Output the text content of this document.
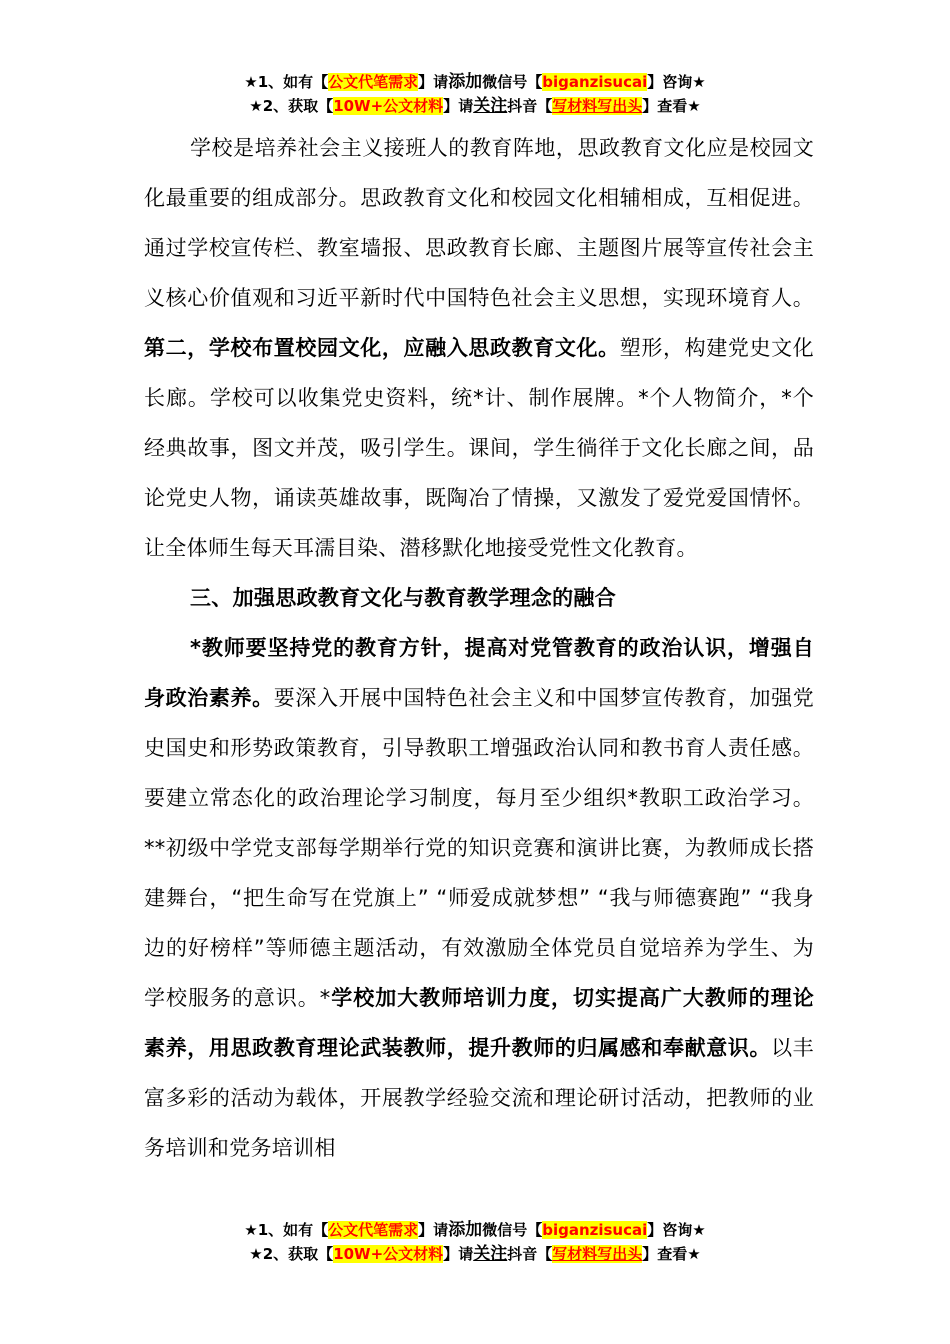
★1、如有【公文代笔需求】请添加微信号【biganzisucai】咨询★
★2、获取【10W+公文材料】请关注抖音【写材料写出头】查看★

学校是培养社会主义接班人的教育阵地，思政教育文化应是校园文化最重要的组成部分。思政教育文化和校园文化相辅相成，互相促进。通过学校宣传栏、教室墙报、思政教育长廊、主题图片展等宣传社会主义核心价值观和习近平新时代中国特色社会主义思想，实现环境育人。第二，学校布置校园文化，应融入思政教育文化。塑形，构建党史文化长廊。学校可以收集党史资料，统*计、制作展牌。*个人物简介，*个经典故事，图文并茂，吸引学生。课间，学生徜徉于文化长廊之间，品论党史人物，诵读英雄故事，既陶冶了情操，又激发了爱党爱国情怀。让全体师生每天耳濡目染、潜移默化地接受党性文化教育。

三、加强思政教育文化与教育教学理念的融合

*教师要坚持党的教育方针，提高对党管教育的政治认识，增强自身政治素养。要深入开展中国特色社会主义和中国梦宣传教育，加强党史国史和形势政策教育，引导教职工增强政治认同和教书育人责任感。要建立常态化的政治理论学习制度，每月至少组织*教职工政治学习。**初级中学党支部每学期举行党的知识竞赛和演讲比赛，为教师成长搭建舞台，“把生命写在党旗上” “师爱成就梦想” “我与师德赛跑” “我身边的好榜样”等师德主题活动，有效激励全体党员自觉培养为学生、为学校服务的意识。*学校加大教师培训力度，切实提高广大教师的理论素养，用思政教育理论武装教师，提升教师的归属感和奉献意识。以丰富多彩的活动为载体，开展教学经验交流和理论研讨活动，把教师的业务培训和党务培训相

★1、如有【公文代笔需求】请添加微信号【biganzisucai】咨询★
★2、获取【10W+公文材料】请关注抖音【写材料写出头】查看★
